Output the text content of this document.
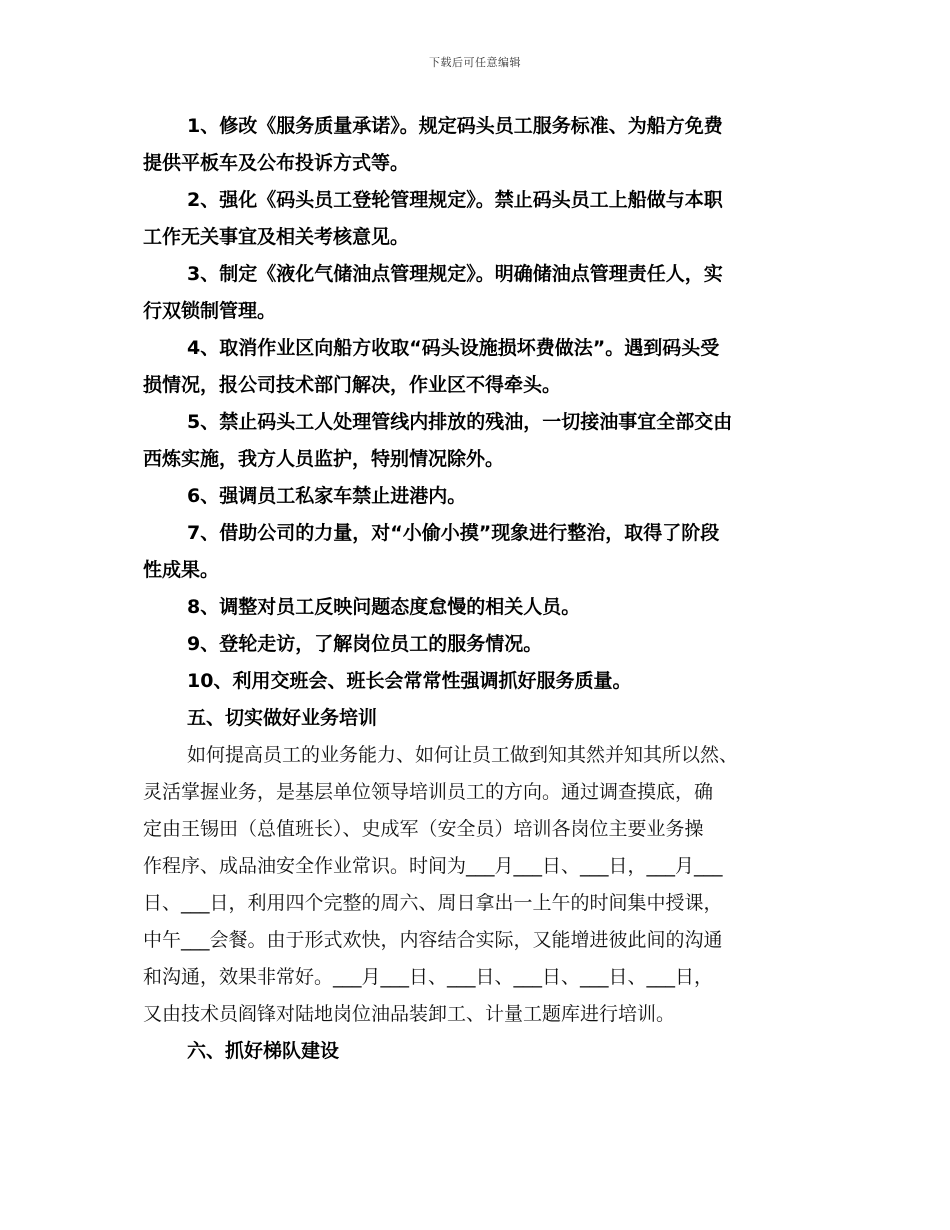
下载后可任意编辑
1、修改《服务质量承诺》。规定码头员工服务标准、为船方免费
提供平板车及公布投诉方式等。
2、强化《码头员工登轮管理规定》。禁止码头员工上船做与本职
工作无关事宜及相关考核意见。
3、制定《液化气储油点管理规定》。明确储油点管理责任人，实
行双锁制管理。
4、取消作业区向船方收取“码头设施损坏费做法”。遇到码头受
损情况，报公司技术部门解决，作业区不得牵头。
5、禁止码头工人处理管线内排放的残油，一切接油事宜全部交由
西炼实施，我方人员监护，特别情况除外。
6、强调员工私家车禁止进港内。
7、借助公司的力量，对“小偷小摸”现象进行整治，取得了阶段
性成果。
8、调整对员工反映问题态度怠慢的相关人员。
9、登轮走访，了解岗位员工的服务情况。
10、利用交班会、班长会常常性强调抓好服务质量。
五、切实做好业务培训
如何提高员工的业务能力、如何让员工做到知其然并知其所以然、
灵活掌握业务，是基层单位领导培训员工的方向。通过调查摸底，确
定由王锡田（总值班长）、史成军（安全员）培训各岗位主要业务操
作程序、成品油安全作业常识。时间为___月___日、___日，___月___
日、___日，利用四个完整的周六、周日拿出一上午的时间集中授课，
中午___会餐。由于形式欢快，内容结合实际，又能增进彼此间的沟通
和沟通，效果非常好。___月___日、___日、___日、___日、___日，
又由技术员阎锋对陆地岗位油品装卸工、计量工题库进行培训。
六、抓好梯队建设
